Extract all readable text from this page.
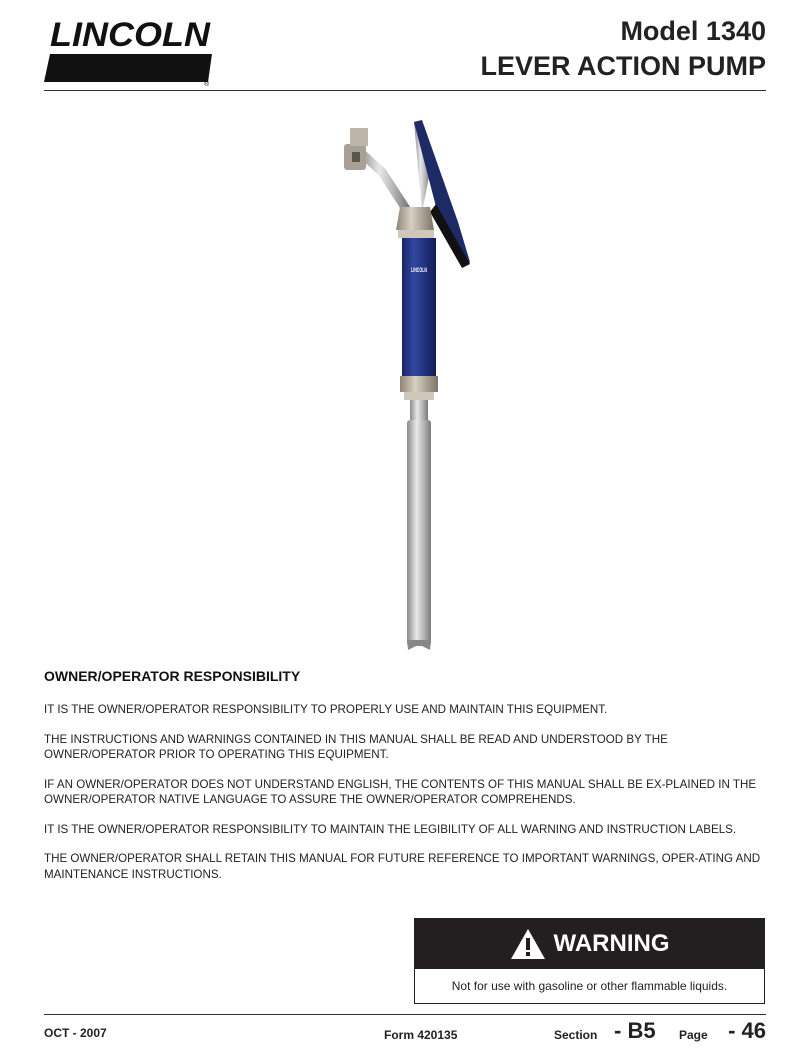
LINCOLN
®
Model 1340
LEVER ACTION PUMP
LINCOLN
OWNER/OPERATOR RESPONSIBILITY

IT IS THE OWNER/OPERATOR RESPONSIBILITY TO PROPERLY USE AND MAINTAIN THIS EQUIPMENT.

THE INSTRUCTIONS AND WARNINGS CONTAINED IN THIS MANUAL SHALL BE READ AND UNDERSTOOD BY THE OWNER/OPERATOR PRIOR TO OPERATING THIS EQUIPMENT.

IF AN OWNER/OPERATOR DOES NOT UNDERSTAND ENGLISH, THE CONTENTS OF THIS MANUAL SHALL BE EX-PLAINED IN THE OWNER/OPERATOR NATIVE LANGUAGE TO ASSURE THE OWNER/OPERATOR COMPREHENDS.

IT IS THE OWNER/OPERATOR RESPONSIBILITY TO MAINTAIN THE LEGIBILITY OF ALL WARNING AND INSTRUCTION LABELS.

THE OWNER/OPERATOR SHALL RETAIN THIS MANUAL FOR FUTURE REFERENCE TO IMPORTANT WARNINGS, OPER-ATING AND MAINTENANCE INSTRUCTIONS.

WARNING
Not for use with gasoline or other flammable liquids.
OCT - 2007	Form 420135	Section - B5 Page - 46
